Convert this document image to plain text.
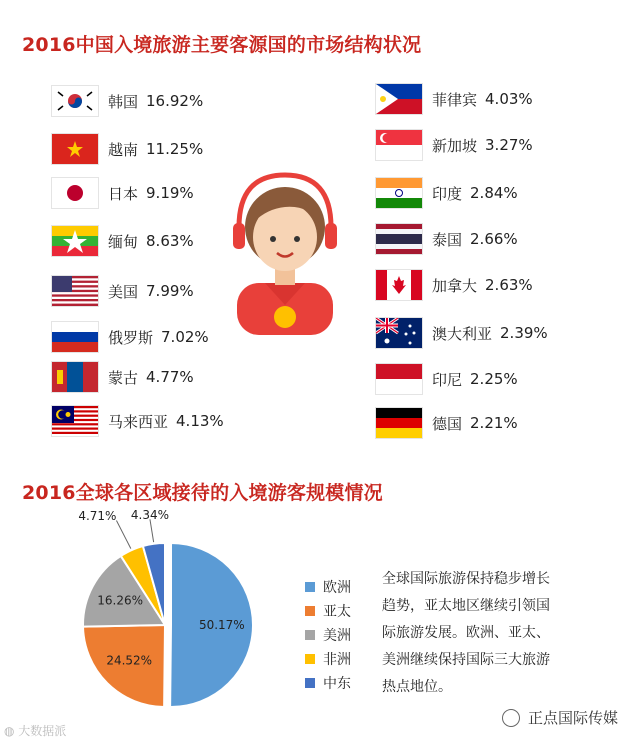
2016中国入境旅游主要客源国的市场结构状况
韩国 16.92%
越南 11.25%
日本 9.19%
缅甸 8.63%
美国 7.99%
俄罗斯 7.02%
蒙古 4.77%
马来西亚 4.13%
菲律宾 4.03%
新加坡 3.27%
印度 2.84%
泰国 2.66%
加拿大 2.63%
澳大利亚 2.39%
印尼 2.25%
德国 2.21%
2016全球各区域接待的入境游客规模情况
50.17%
24.52%
16.26%
4.71% 4.34%
欧洲
亚太
美洲
非洲
中东
全球国际旅游保持稳步增长
趋势，亚太地区继续引领国
际旅游发展。欧洲、亚太、
美洲继续保持国际三大旅游
热点地位。
◍ 大数据派
正点国际传媒
